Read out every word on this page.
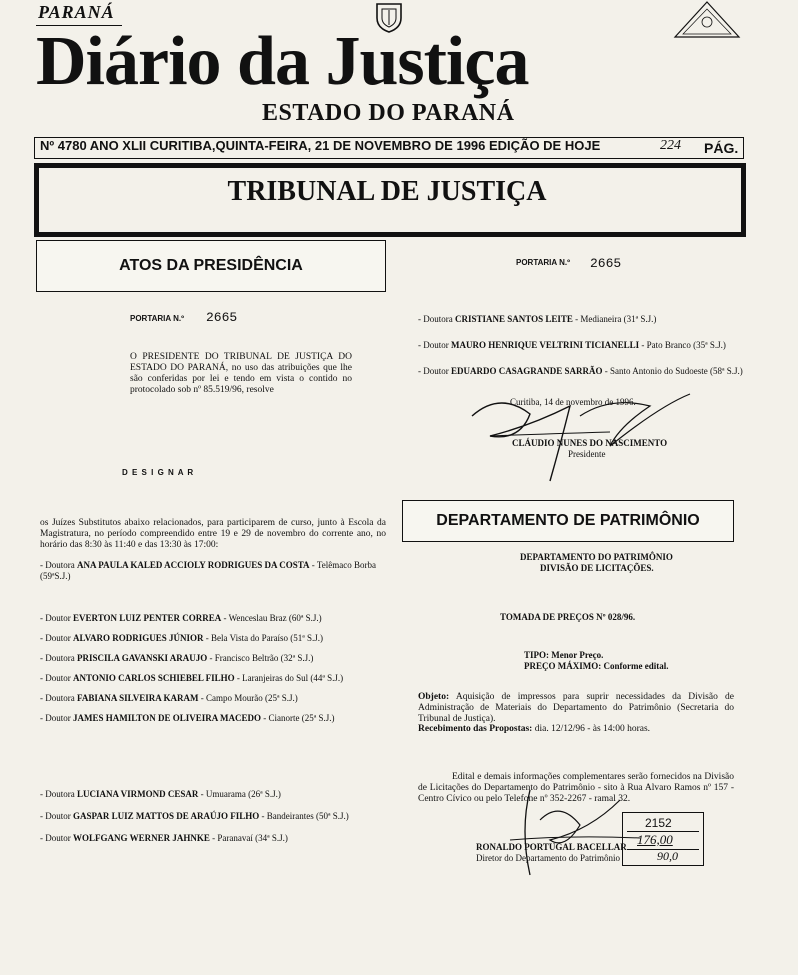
PARANÁ
Diário da Justiça
ESTADO DO PARANÁ
Nº 4780 ANO XLII CURITIBA,QUINTA-FEIRA, 21 DE NOVEMBRO DE 1996 EDIÇÃO DE HOJE	224 PÁG.
TRIBUNAL DE JUSTIÇA
ATOS DA PRESIDÊNCIA
PORTARIA N.º 2665
O PRESIDENTE DO TRIBUNAL DE JUSTIÇA DO ESTADO DO PARANÁ, no uso das atribuições que lhe são conferidas por lei e tendo em vista o contido no protocolado sob nº 85.519/96, resolve
D E S I G N A R
os Juízes Substitutos abaixo relacionados, para participarem de curso, junto à Escola da Magistratura, no período compreendido entre 19 e 29 de novembro do corrente ano, no horário das 8:30 às 11:40 e das 13:30 às 17:00:
- Doutora ANA PAULA KALED ACCIOLY RODRIGUES DA COSTA - Telêmaco Borba (59ªS.J.)
- Doutor EVERTON LUIZ PENTER CORREA - Wenceslau Braz (60ª S.J.)
- Doutor ALVARO RODRIGUES JÚNIOR - Bela Vista do Paraíso (51ª S.J.)
- Doutora PRISCILA GAVANSKI ARAUJO - Francisco Beltrão (32ª S.J.)
- Doutor ANTONIO CARLOS SCHIEBEL FILHO - Laranjeiras do Sul (44ª S.J.)
- Doutora FABIANA SILVEIRA KARAM - Campo Mourão (25ª S.J.)
- Doutor JAMES HAMILTON DE OLIVEIRA MACEDO - Cianorte (25ª S.J.)
- Doutora LUCIANA VIRMOND CESAR - Umuarama (26ª S.J.)
- Doutor GASPAR LUIZ MATTOS DE ARAÚJO FILHO - Bandeirantes (50ª S.J.)
- Doutor WOLFGANG WERNER JAHNKE - Paranavaí (34ª S.J.)
PORTARIA N.º 2665
- Doutora CRISTIANE SANTOS LEITE - Medianeira (31ª S.J.)
- Doutor MAURO HENRIQUE VELTRINI TICIANELLI - Pato Branco (35ª S.J.)
- Doutor EDUARDO CASAGRANDE SARRÃO - Santo Antonio do Sudoeste (58ª S.J.)
Curitiba, 14 de novembro de 1996.
CLÁUDIO NUNES DO NASCIMENTO
Presidente
DEPARTAMENTO DE PATRIMÔNIO
DEPARTAMENTO DO PATRIMÔNIO
DIVISÃO DE LICITAÇÕES.
TOMADA DE PREÇOS Nº 028/96.
TIPO: Menor Preço.
PREÇO MÁXIMO: Conforme edital.
Objeto: Aquisição de impressos para suprir necessidades da Divisão de Administração de Materiais do Departamento do Patrimônio (Secretaria do Tribunal de Justiça).
Recebimento das Propostas: dia. 12/12/96 - às 14:00 horas.
Edital e demais informações complementares serão fornecidos na Divisão de Licitações do Departamento do Patrimônio - sito à Rua Alvaro Ramos nº 157 - Centro Cívico ou pelo Telefone nº 352-2267 - ramal 32.
RONALDO PORTUGAL BACELLAR
Diretor do Departamento do Patrimônio
2152
176,00
90,0
